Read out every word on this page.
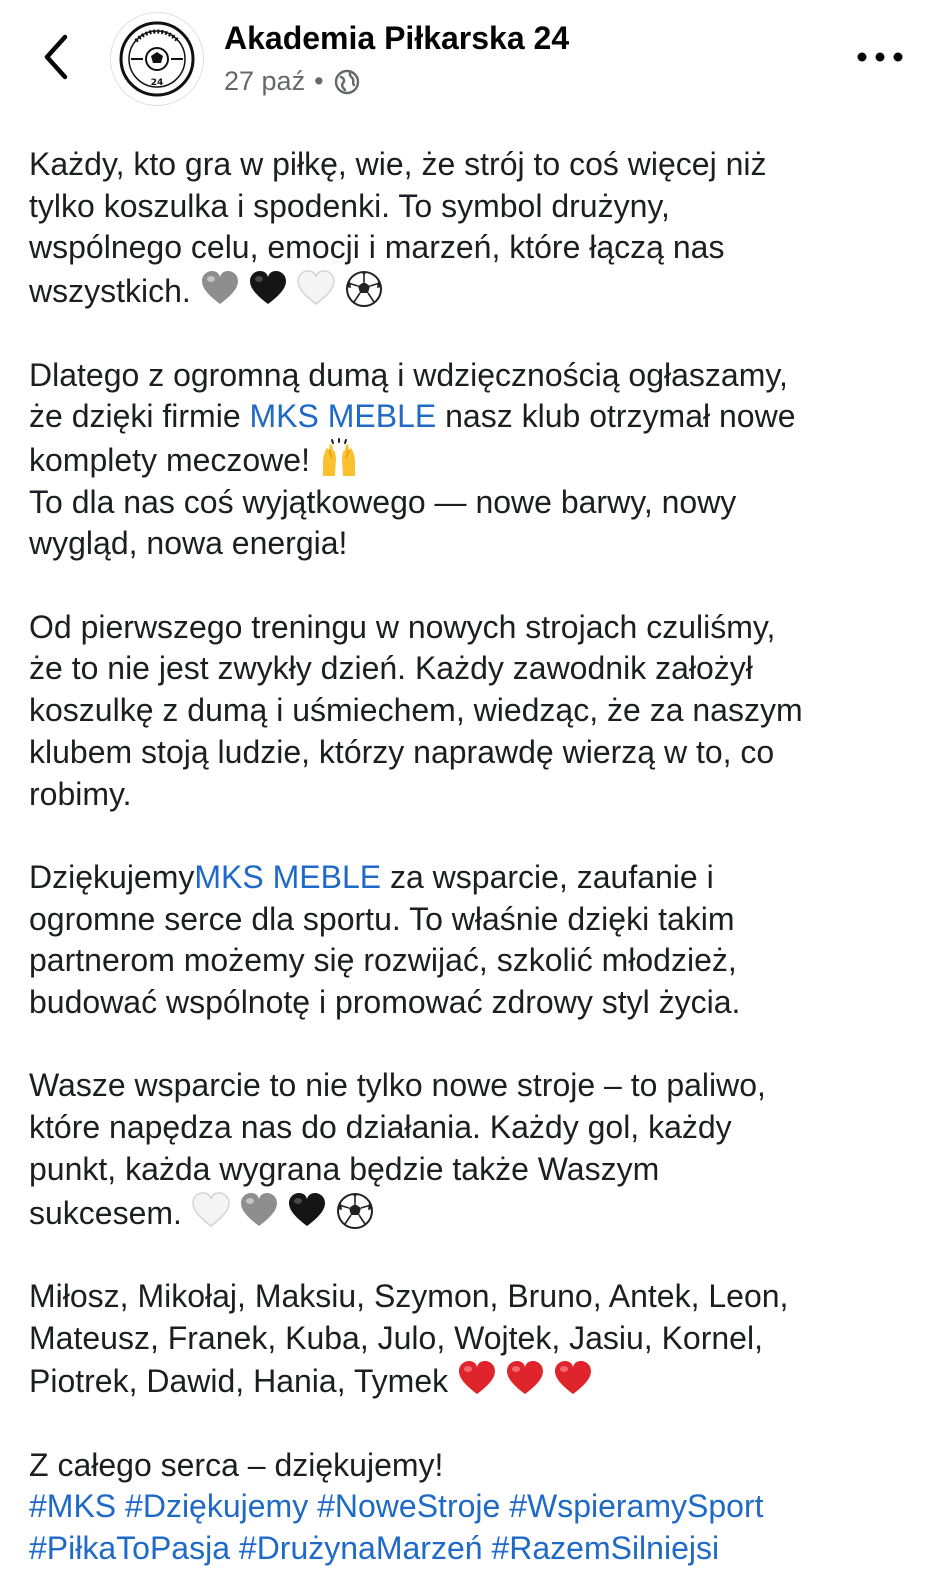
24
Akademia Piłkarska 24
27 paź •
Każdy, kto gra w piłkę, wie, że strój to coś więcej niż
tylko koszulka i spodenki. To symbol drużyny,
wspólnego celu, emocji i marzeń, które łączą nas
wszystkich.
Dlatego z ogromną dumą i wdzięcznością ogłaszamy,
że dzięki firmie MKS MEBLE nasz klub otrzymał nowe
komplety meczowe!
To dla nas coś wyjątkowego — nowe barwy, nowy
wygląd, nowa energia!
Od pierwszego treningu w nowych strojach czuliśmy,
że to nie jest zwykły dzień. Każdy zawodnik założył
koszulkę z dumą i uśmiechem, wiedząc, że za naszym
klubem stoją ludzie, którzy naprawdę wierzą w to, co
robimy.
DziękujemyMKS MEBLE za wsparcie, zaufanie i
ogromne serce dla sportu. To właśnie dzięki takim
partnerom możemy się rozwijać, szkolić młodzież,
budować wspólnotę i promować zdrowy styl życia.
Wasze wsparcie to nie tylko nowe stroje – to paliwo,
które napędza nas do działania. Każdy gol, każdy
punkt, każda wygrana będzie także Waszym
sukcesem.
Miłosz, Mikołaj, Maksiu, Szymon, Bruno, Antek, Leon,
Mateusz, Franek, Kuba, Julo, Wojtek, Jasiu, Kornel,
Piotrek, Dawid, Hania, Tymek
Z całego serca – dziękujemy!
#MKS #Dziękujemy #NoweStroje #WspieramySport
#PiłkaToPasja #DrużynaMarzeń #RazemSilniejsi
